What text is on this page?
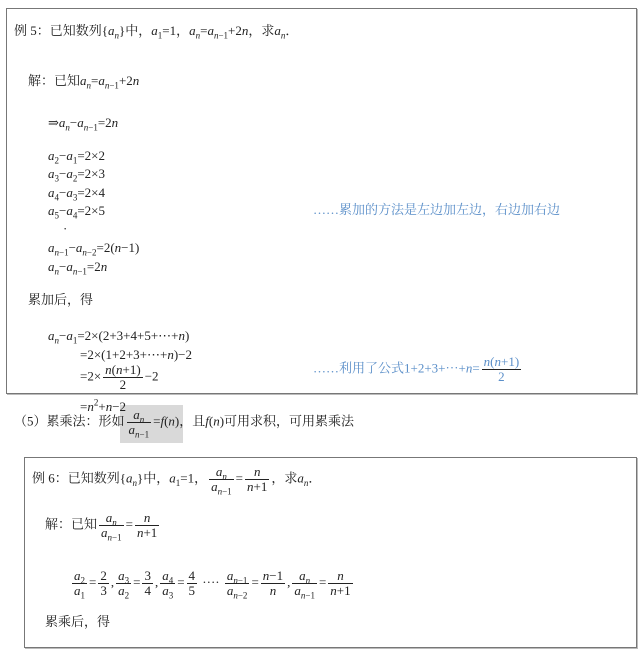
例 5：已知数列$\{a_n\}$中，$a_1=1$，$a_n=a_{n-1}+2n$，求$a_n$．
解：已知$a_n=a_{n-1}+2n$
$\Rightarrow a_n-a_{n-1}=2n$
$a_2-a_1=2\times 2$
$a_3-a_2=2\times 3$
$a_4-a_3=2\times 4$
$a_5-a_4=2\times 5$
·
$a_{n-1}-a_{n-2}=2(n-1)$
$a_n-a_{n-1}=2n$
……累加的方法是左边加左边，右边加右边
累加后，得
$a_n-a_1=2\times(2+3+4+5+\cdots+n)$
=2×(1+2+3+⋯+n)−2
$=2\times \frac{n(n+1)}{2} -2$
$=n^2+n-2$
……利用了公式1+2+3+⋯+n= $\frac{n(n+1)}{2}$
（5）累乘法：形如 $\frac{a_n}{a_{n-1}} =f(n)$，且f(n)可用求积，可用累乘法
例 6：已知数列$\{a_n\}$中，$a_1=1$， $\frac{a_n}{a_{n-1}} = \frac{n}{n+1}$ ，求$a_n$．
解：已知 $\frac{a_n}{a_{n-1}} = \frac{n}{n+1}$
$\frac{a_2}{a_1} = \frac{2}{3}$ , $\frac{a_3}{a_2} = \frac{3}{4}$ , $\frac{a_4}{a_3} = \frac{4}{5}$ ···· $\frac{a_{n-1}}{a_{n-2}} = \frac{n-1}{n}$ , $\frac{a_n}{a_{n-1}} = \frac{n}{n+1}$
累乘后，得
